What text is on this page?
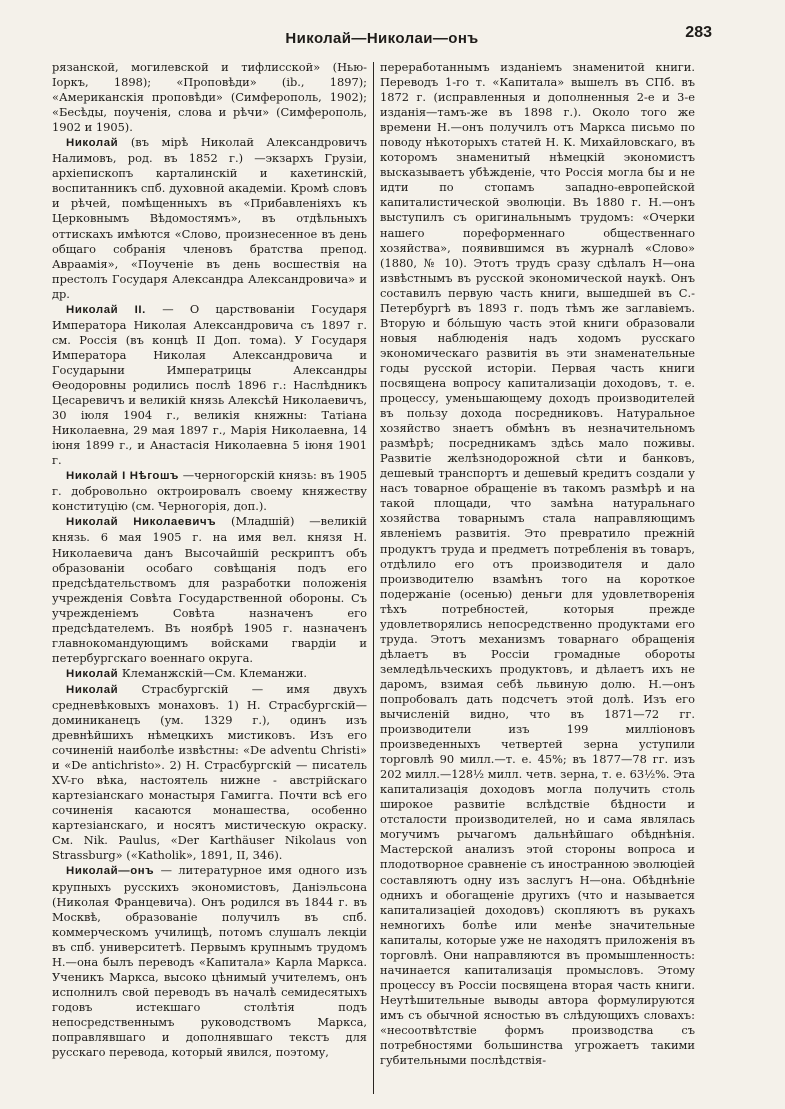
Николай—Николаи—онъ	283

рязанской, могилевской и тифлисской» (Нью-Іоркъ, 1898); «Проповѣди» (ib., 1897); «Американскія проповѣди» (Симферополь, 1902); «Бесѣды, поученія, слова и рѣчи» (Симферополь, 1902 и 1905).

Николай (въ мірѣ Николай Александровичъ Налимовъ, род. въ 1852 г.) —экзархъ Грузіи, архіепископъ карталинскій и кахетинскій, воспитанникъ спб. духовной академіи. Кромѣ словъ и рѣчей, помѣщенныхъ въ «Прибавленіяхъ къ Церковнымъ Вѣдомостямъ», въ отдѣльныхъ оттискахъ имѣются «Слово, произнесенное въ день общаго собранія членовъ братства препод. Авраамія», «Поученіе въ день восшествія на престолъ Государя Александра Александровича» и др.

Николай II. — О царствованіи Государя Императора Николая Александровича съ 1897 г. см. Россія (въ концѣ II Доп. тома). У Государя Императора Николая Александровича и Государыни Императрицы Александры Ѳеодоровны родились послѣ 1896 г.: Наслѣдникъ Цесаревичъ и великій князь Алексѣй Николаевичъ, 30 іюля 1904 г., великія княжны: Татіана Николаевна, 29 мая 1897 г., Марія Николаевна, 14 іюня 1899 г., и Анастасія Николаевна 5 іюня 1901 г.

Николай I Нѣгошъ —черногорскій князь: въ 1905 г. добровольно октроировалъ своему княжеству конституцію (см. Черногорія, доп.).

Николай Николаевичъ (Младшій) —великій князь. 6 мая 1905 г. на имя вел. князя Н. Николаевича данъ Высочайшій рескриптъ объ образованіи особаго совѣщанія подъ его предсѣдательствомъ для разработки положенія учрежденія Совѣта Государственной обороны. Съ учрежденіемъ Совѣта назначенъ его предсѣдателемъ. Въ ноябрѣ 1905 г. назначенъ главнокомандующимъ войсками гвардіи и петербургскаго военнаго округа.

Николай Клеманжскій—См. Клеманжи.

Николай Страсбургскій — имя двухъ средневѣковыхъ монаховъ. 1) Н. Страсбургскій—доминиканецъ (ум. 1329 г.), одинъ изъ древнѣйшихъ нѣмецкихъ мистиковъ. Изъ его сочиненій наиболѣе извѣстны: «De adventu Christi» и «De antichristo». 2) Н. Страсбургскій — писатель XV-го вѣка, настоятель нижне - австрійскаго картезіанскаго монастыря Гамигга. Почти всѣ его сочиненія касаются монашества, особенно картезіанскаго, и носятъ мистическую окраску. См. Nik. Paulus, «Der Karthäuser Nikolaus von Strassburg» («Katholik», 1891, II, 346).

Николай—онъ — литературное имя одного изъ крупныхъ русскихъ экономистовъ, Даніэльсона (Николая Францевича). Онъ родился въ 1844 г. въ Москвѣ, образованіе получилъ въ спб. коммерческомъ училищѣ, потомъ слушалъ лекціи въ спб. университетѣ. Первымъ крупнымъ трудомъ Н.—она былъ переводъ «Капитала» Карла Маркса. Ученикъ Маркса, высоко цѣнимый учителемъ, онъ исполнилъ свой переводъ въ началѣ семидесятыхъ годовъ истекшаго столѣтія подъ непосредственнымъ руководствомъ Маркса, поправлявшаго и дополнявшаго текстъ для русскаго перевода, который явился, поэтому,

переработаннымъ изданіемъ знаменитой книги. Переводъ 1-го т. «Капитала» вышелъ въ СПб. въ 1872 г. (исправленныя и дополненныя 2-е и 3-е изданія—тамъ-же въ 1898 г.). Около того же времени Н.—онъ получилъ отъ Маркса письмо по поводу нѣкоторыхъ статей Н. К. Михайловскаго, въ которомъ знаменитый нѣмецкій экономистъ высказываетъ убѣжденіе, что Россія могла бы и не идти по стопамъ западно-европейской капиталистической эволюціи. Въ 1880 г. Н.—онъ выступилъ съ оригинальнымъ трудомъ: «Очерки нашего пореформеннаго общественнаго хозяйства», появившимся въ журналѣ «Слово» (1880, № 10). Этотъ трудъ сразу сдѣлалъ Н—она извѣстнымъ въ русской экономической наукѣ. Онъ составилъ первую часть книги, вышедшей въ С.-Петербургѣ въ 1893 г. подъ тѣмъ же заглавіемъ. Вторую и бо́льшую часть этой книги образовали новыя наблюденія надъ ходомъ русскаго экономическаго развитія въ эти знаменательные годы русской исторіи. Первая часть книги посвящена вопросу капитализаціи доходовъ, т. е. процессу, уменьшающему доходъ производителей въ пользу дохода посредниковъ. Натуральное хозяйство знаетъ обмѣнъ въ незначительномъ размѣрѣ; посредникамъ здѣсь мало поживы. Развитіе желѣзнодорожной сѣти и банковъ, дешевый транспортъ и дешевый кредитъ создали у насъ товарное обращеніе въ такомъ размѣрѣ и на такой площади, что замѣна натуральнаго хозяйства товарнымъ стала направляющимъ явленіемъ развитія. Это превратило прежній продуктъ труда и предметъ потребленія въ товаръ, отдѣлило его отъ производителя и дало производителю взамѣнъ того на короткое подержаніе (осенью) деньги для удовлетворенія тѣхъ потребностей, которыя прежде удовлетворялись непосредственно продуктами его труда. Этотъ механизмъ товарнаго обращенія дѣлаетъ въ Россіи громадные обороты земледѣльческихъ продуктовъ, и дѣлаетъ ихъ не даромъ, взимая себѣ львиную долю. Н.—онъ попробовалъ дать подсчетъ этой долѣ. Изъ его вычисленій видно, что въ 1871—72 гг. производители изъ 199 милліоновъ произведенныхъ четвертей зерна уступили торговлѣ 90 милл.—т. е. 45%; въ 1877—78 гг. изъ 202 милл.—128½ милл. четв. зерна, т. е. 63½%. Эта капитализація доходовъ могла получить столь широкое развитіе вслѣдствіе бѣдности и отсталости производителей, но и сама являлась могучимъ рычагомъ дальнѣйшаго обѣднѣнія. Мастерской анализъ этой стороны вопроса и плодотворное сравненіе съ иностранною эволюціей составляютъ одну изъ заслугъ Н—она. Обѣднѣніе однихъ и обогащеніе другихъ (что и называется капитализаціей доходовъ) скопляютъ въ рукахъ немногихъ болѣе или менѣе значительные капиталы, которые уже не находятъ приложенія въ торговлѣ. Они направляются въ промышленность: начинается капитализація промысловъ. Этому процессу въ Россіи посвящена вторая часть книги. Неутѣшительные выводы автора формулируются имъ съ обычной ясностью въ слѣдующихъ словахъ: «несоотвѣтствіе формъ производства съ потребностями большинства угрожаетъ такими губительными послѣдствія-
